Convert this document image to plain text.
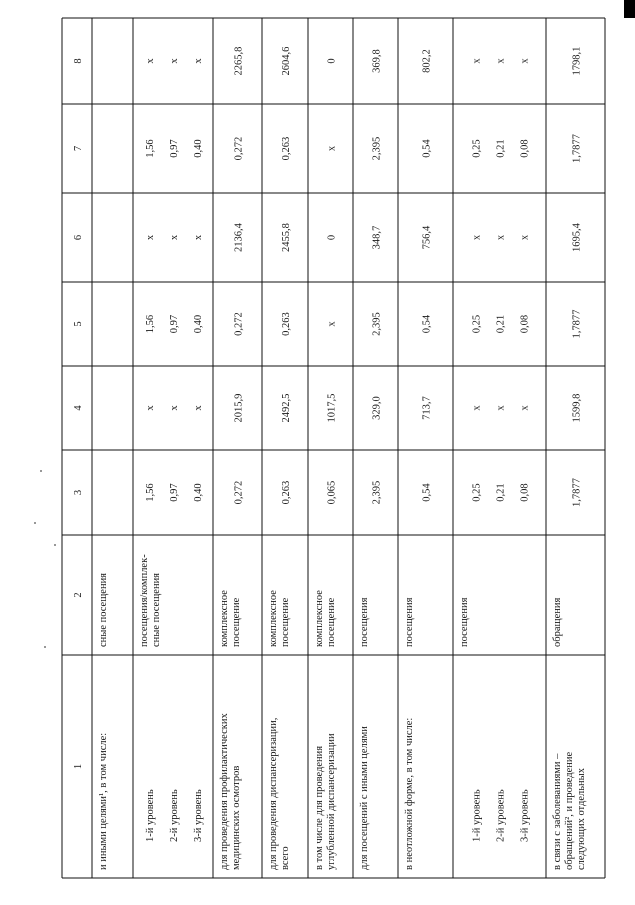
1
2
3
4
5
6
7
8
и иными целями¹, в том числе:
сные посещения
1-й уровень 2-й уровень 3-й уровень
посещения/комплек- сные посещения
1,56 0,97 0,40
х х х
1,56 0,97 0,40
х х х
1,56 0,97 0,40
х х х
для проведения профилактических медицинских осмотров
комплексное посещение
0,272
2015,9
0,272
2136,4
0,272
2265,8
для проведения диспансеризации, всего
комплексное посещение
0,263
2492,5
0,263
2455,8
0,263
2604,6
в том числе для проведения углубленной диспансеризации
комплексное посещение
0,065
1017,5
х
0
х
0
для посещений с иными целями
посещения
2,395
329,0
2,395
348,7
2,395
369,8
в неотложной форме, в том числе:
посещения
0,54
713,7
0,54
756,4
0,54
802,2
1-й уровень 2-й уровень 3-й уровень
посещения
0,25 0,21 0,08
х х х
0,25 0,21 0,08
х х х
0,25 0,21 0,08
х х х
в связи с заболеваниями – обращений², и проведение следующих отдельных
обращения
1,7877
1599,8
1,7877
1695,4
1,7877
1798,1
